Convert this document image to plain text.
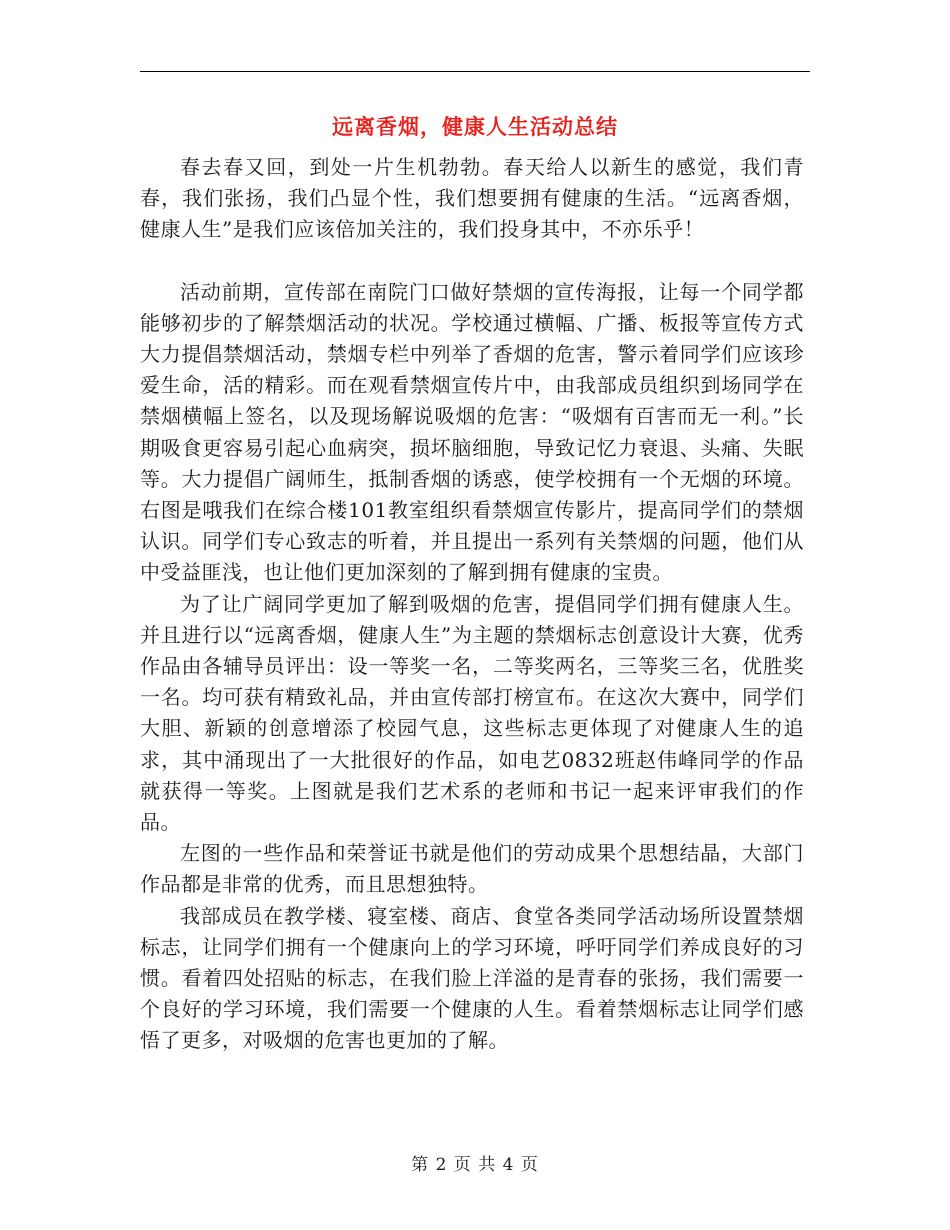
远离香烟，健康人生活动总结

春去春又回，到处一片生机勃勃。春天给人以新生的感觉，我们青春，我们张扬，我们凸显个性，我们想要拥有健康的生活。“远离香烟，健康人生”是我们应该倍加关注的，我们投身其中，不亦乐乎！

活动前期，宣传部在南院门口做好禁烟的宣传海报，让每一个同学都能够初步的了解禁烟活动的状况。学校通过横幅、广播、板报等宣传方式大力提倡禁烟活动，禁烟专栏中列举了香烟的危害，警示着同学们应该珍爱生命，活的精彩。而在观看禁烟宣传片中，由我部成员组织到场同学在禁烟横幅上签名，以及现场解说吸烟的危害：“吸烟有百害而无一利。”长期吸食更容易引起心血病突，损坏脑细胞，导致记忆力衰退、头痛、失眠等。大力提倡广阔师生，抵制香烟的诱惑，使学校拥有一个无烟的环境。右图是哦我们在综合楼101教室组织看禁烟宣传影片，提高同学们的禁烟认识。同学们专心致志的听着，并且提出一系列有关禁烟的问题，他们从中受益匪浅，也让他们更加深刻的了解到拥有健康的宝贵。

为了让广阔同学更加了解到吸烟的危害，提倡同学们拥有健康人生。并且进行以“远离香烟，健康人生”为主题的禁烟标志创意设计大赛，优秀作品由各辅导员评出：设一等奖一名，二等奖两名，三等奖三名，优胜奖一名。均可获有精致礼品，并由宣传部打榜宣布。在这次大赛中，同学们大胆、新颖的创意增添了校园气息，这些标志更体现了对健康人生的追求，其中涌现出了一大批很好的作品，如电艺0832班赵伟峰同学的作品就获得一等奖。上图就是我们艺术系的老师和书记一起来评审我们的作品。

左图的一些作品和荣誉证书就是他们的劳动成果个思想结晶，大部门作品都是非常的优秀，而且思想独特。

我部成员在教学楼、寝室楼、商店、食堂各类同学活动场所设置禁烟标志，让同学们拥有一个健康向上的学习环境，呼吁同学们养成良好的习惯。看着四处招贴的标志，在我们脸上洋溢的是青春的张扬，我们需要一个良好的学习环境，我们需要一个健康的人生。看着禁烟标志让同学们感悟了更多，对吸烟的危害也更加的了解。

第 2 页 共 4 页
